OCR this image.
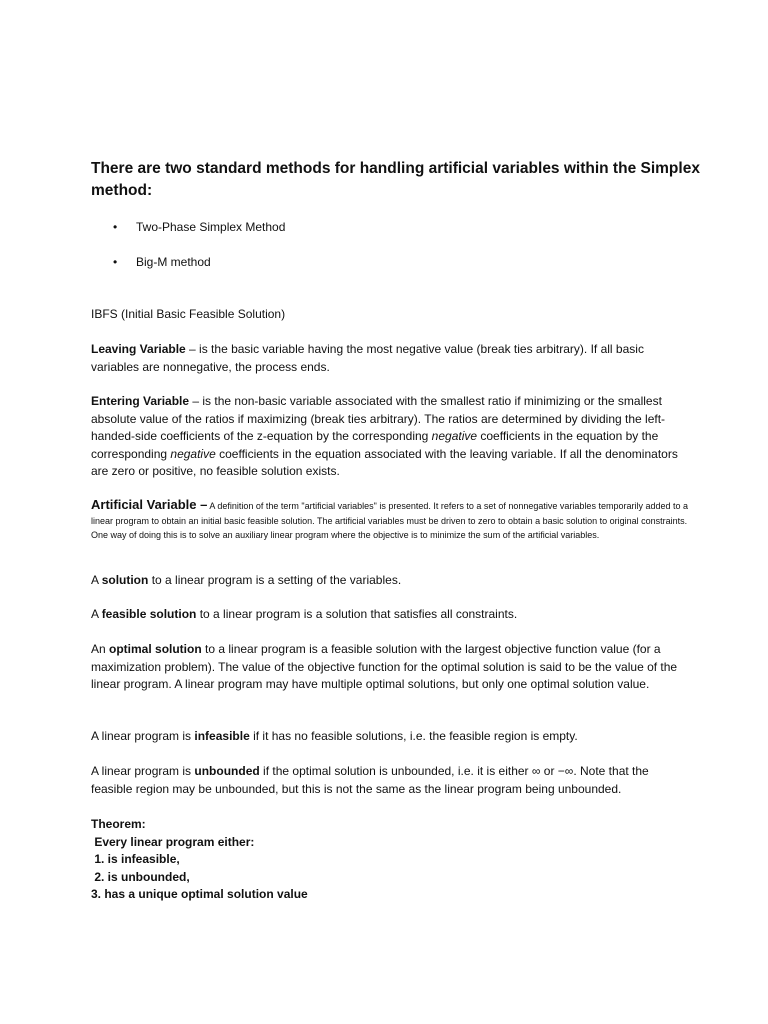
There are two standard methods for handling artificial variables within the Simplex method:
• Two-Phase Simplex Method
• Big-M method

IBFS (Initial Basic Feasible Solution)

Leaving Variable – is the basic variable having the most negative value (break ties arbitrary). If all basic variables are nonnegative, the process ends.

Entering Variable – is the non-basic variable associated with the smallest ratio if minimizing or the smallest absolute value of the ratios if maximizing (break ties arbitrary). The ratios are determined by dividing the left-handed-side coefficients of the z-equation by the corresponding negative coefficients in the equation by the corresponding negative coefficients in the equation associated with the leaving variable. If all the denominators are zero or positive, no feasible solution exists.

Artificial Variable – A definition of the term "artificial variables" is presented. It refers to a set of nonnegative variables temporarily added to a linear program to obtain an initial basic feasible solution. The artificial variables must be driven to zero to obtain a basic solution to original constraints. One way of doing this is to solve an auxiliary linear program where the objective is to minimize the sum of the artificial variables.

A solution to a linear program is a setting of the variables.

A feasible solution to a linear program is a solution that satisfies all constraints.

An optimal solution to a linear program is a feasible solution with the largest objective function value (for a maximization problem). The value of the objective function for the optimal solution is said to be the value of the linear program. A linear program may have multiple optimal solutions, but only one optimal solution value.

A linear program is infeasible if it has no feasible solutions, i.e. the feasible region is empty.

A linear program is unbounded if the optimal solution is unbounded, i.e. it is either ∞ or −∞. Note that the feasible region may be unbounded, but this is not the same as the linear program being unbounded.

Theorem:
Every linear program either:
1. is infeasible,
2. is unbounded,
3. has a unique optimal solution value
